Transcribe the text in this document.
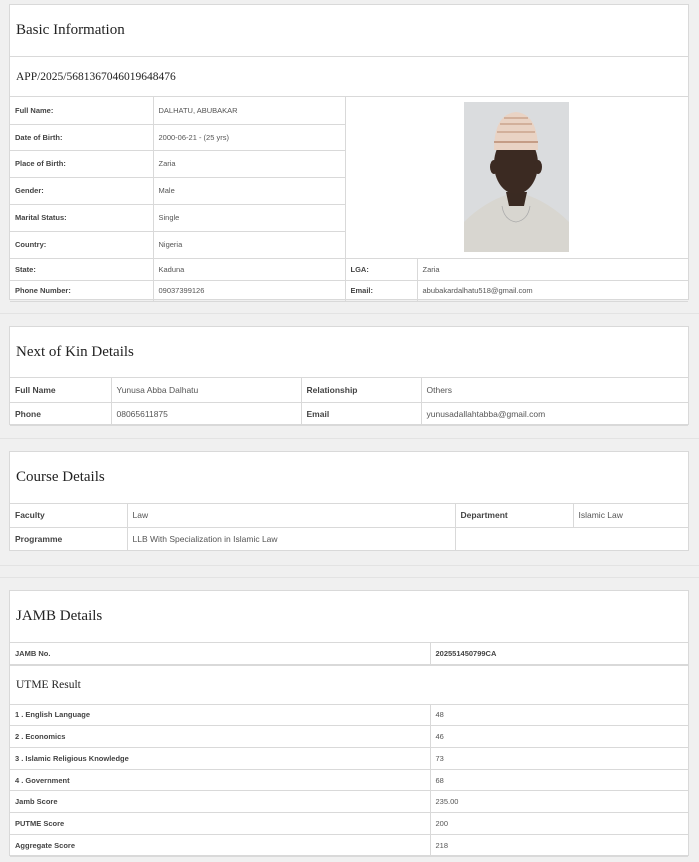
Basic Information
APP/2025/5681367046019648476
Full Name:	DALHATU, ABUBAKAR	

Date of Birth:	2000-06-21 - (25 yrs)		
Place of Birth:	Zaria		
Gender:	Male		
Marital Status:	Single		
Country:	Nigeria		
State:	Kaduna	LGA:	Zaria
Phone Number:	09037399126	Email:	abubakardalhatu518@gmail.com
Next of Kin Details
Full Name	Yunusa Abba Dalhatu	Relationship	Others
Phone	08065611875	Email	yunusadallahtabba@gmail.com
Course Details
Faculty	Law	Department	Islamic Law
Programme	LLB With Specialization in Islamic Law		
JAMB Details
JAMB No.	202551450799CA
UTME Result
1 . English Language	48
2 . Economics	46
3 . Islamic Religious Knowledge	73
4 . Government	68
Jamb Score	235.00
PUTME Score	200
Aggregate Score	218
